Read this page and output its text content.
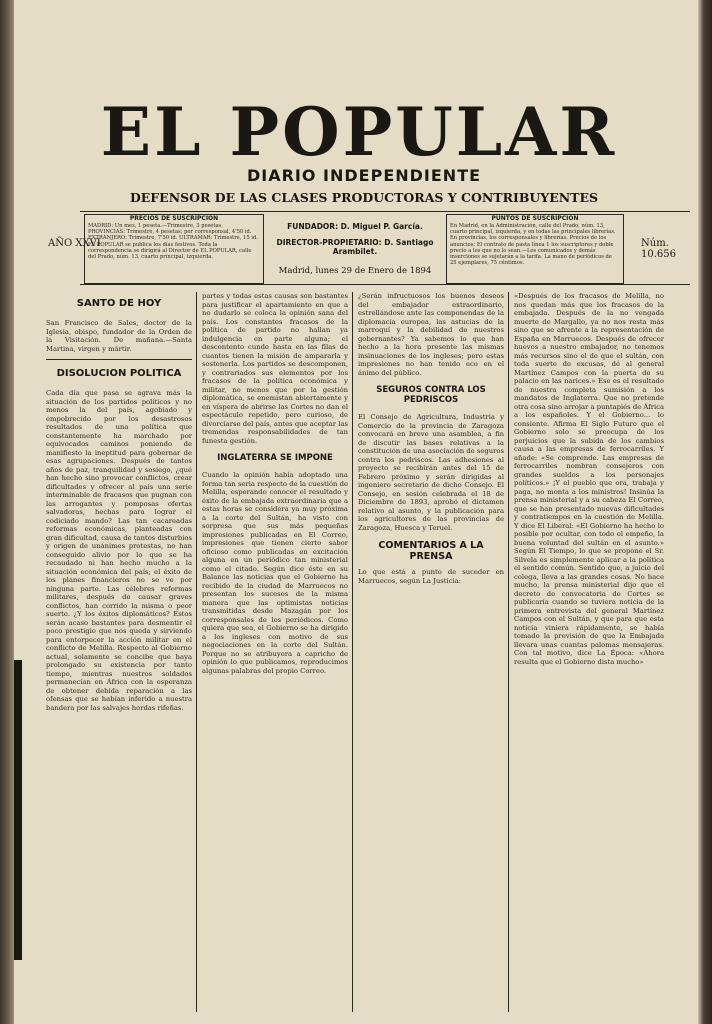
EL POPULAR
DIARIO INDEPENDIENTE
DEFENSOR DE LAS CLASES PRODUCTORAS Y CONTRIBUYENTES
AÑO XXVI	Núm. 10.656
PRECIOS DE SUSCRIPCIÓN
MADRID: Un mes, 1 peseta.—Trimestre, 3 pesetas. PROVINCIAS: Trimestre, 4 pesetas; por corresponsal, 4'50 id. EXTRANJERO: Trimestre, 7'50 id. ULTRAMAR: Trimestre, 15 id. EL POPULAR se publica los días festivos. Toda la correspondencia se dirigirá al Director de EL POPULAR, calle del Prado, núm. 13, cuarto principal, izquierda.
FUNDADOR: D. Miguel P. García.
DIRECTOR-PROPIETARIO: D. Santiago Arambilet.
Madrid, lunes 29 de Enero de 1894
PUNTOS DE SUSCRIPCIÓN
En Madrid, en la Administración, calle del Prado, núm. 13, cuarto principal, izquierda, y en todas las principales librerías. En provincias, los corresponsales y librerías. Precios de los anuncios: El contrato de pasta línea 1 los suscriptores y doble precio a los que no lo sean.—Los comunicados y demás inserciones se sujetarán a la tarifa. La mano de periódicos de 25 ejemplares, 75 céntimos.
SANTO DE HOY

San Francisco de Sales, doctor de la Iglesia, obispo, fundador de la Orden de la Visitación. De mañana.—Santa Martina, virgen y mártir.

DISOLUCION POLITICA

Cada día que pasa se agrava más la situación de los partidos políticos y no menos la del país, agobiado y empobrecido por los desastrosos resultados de una política que constantemente ha marchado por equivocados caminos poniendo de manifiesto la ineptitud para gobernar de esas agrupaciones. Después de tantos años de paz, tranquilidad y sosiego, ¿qué han hecho sino provocar conflictos, crear dificultades y ofrecer al país una serie interminable de fracasos que pugnan con las arrogantes y pomposas ofertas salvadoras, hechas para lograr el codiciado mando? Las tan cacareadas reformas económicas, planteadas con gran dificultad, causa de tantos disturbios y origen de unánimes protestas, no han conseguido alivio por lo que se ha recaudado ni han hecho mucho a la situación económica del país; el éxito de los planes financieros no se ve por ninguna parte. Las célebres reformas militares, después de causar graves conflictos, han corrido la misma o peor suerte. ¿Y los éxitos diplomáticos? Estos serán acaso bastantes para desmentir el poco prestigio que nos queda y sirviendo para entorpecer la acción militar en el conflicto de Melilla. Respecto al Gobierno actual, solamente se concibe que haya prolongado su existencia por tanto tiempo, mientras nuestros soldados permanecían en África con la esperanza de obtener debida reparación a las ofensas que se habían inferido a nuestra bandera por las salvajes hordas rifeñas.

partes y todas estas causas son bastantes para justificar el apartamiento en que a no dudarlo se coloca la opinión sana del país. Los constantes fracasos de la política de partido no hallan ya indulgencia en parte alguna; el descontento cunde hasta en las filas de cuantos tienen la misión de ampararla y sostenerla. Los partidos se descomponen, y contrariados sus elementos por los fracasos de la política económica y militar, no menos que por la gestión diplomática, se enemistan abiertamente y en víspera de abrirse las Cortes no dan el espectáculo repetido, pero curioso, de divorciarse del país, antes que aceptar las tremendas responsabilidades de tan funesta gestión.

INGLATERRA SE IMPONE

Cuando la opinión había adoptado una forma tan seria respecto de la cuestión de Melilla, esperando conocer el resultado y éxito de la embajada extraordinaria que a estas horas se considera ya muy próxima a la corte del Sultán, ha visto con sorpresa que sus más pequeñas impresiones publicadas en El Correo, impresiones que tienen cierto sabor oficioso como publicadas en excitación alguna en un periódico tan ministerial como el citado. Según dice éste en su Balance las noticias que el Gobierno ha recibido de la ciudad de Marruecos no presentan los sucesos de la misma manera que las optimistas noticias transmitidas desde Mazagán por los corresponsales de los periódicos. Como quiera que sea, el Gobierno se ha dirigido a los ingleses con motivo de sus negociaciones en la corte del Sultán. Porque no se atribuyera a capricho de opinión lo que publicamos, reproducimos algunas palabras del propio Correo.

¿Serán infructuosos los buenos deseos del embajador extraordinario, estrellándose ante las componendas de la diplomacia europea, las astucias de la marroquí y la debilidad de nuestros gobernantes? Ya sabemos lo que han hecho a la hora presente las mismas insinuaciones de los ingleses; pero estas impresiones no han tenido eco en el ánimo del público.

SEGUROS CONTRA LOS PEDRISCOS

El Consejo de Agricultura, Industria y Comercio de la provincia de Zaragoza convocará en breve una asamblea, a fin de discutir las bases relativas a la constitución de una asociación de seguros contra los pedriscos. Las adhesiones al proyecto se recibirán antes del 15 de Febrero próximo y serán dirigidas al ingeniero secretario de dicho Consejo. El Consejo, en sesión celebrada el 18 de Diciembre de 1893, aprobó el dictamen relativo al asunto, y la publicación para los agricultores de las provincias de Zaragoza, Huesca y Teruel.

COMENTARIOS A LA PRENSA

Lo que está a punto de suceder en Marruecos, según La Justicia:

«Después de los fracasos de Melilla, no nos quedan más que los fracasos de la embajada. Después de la no vengada muerte de Margallo, ya no nos resta más sino que se afrente a la representación de España en Marruecos. Después de ofrecer huevos a nuestro embajador, no tenemos más recursos sino el de que el sultán, con toda suerte de excusas, dé al general Martínez Campos con la puerta de su palacio en las narices.» Ese es el resultado de nuestra completa sumisión a los mandatos de Inglaterra. Que no pretende otra cosa sino arrojar a puntapiés de África a los españoles. Y el Gobierno... lo consiente. Afirma El Siglo Futuro que el Gobierno solo se preocupa de los perjuicios que la subida de los cambios causa a las empresas de ferrocarriles. Y añade: «Se comprende. Las empresas de ferrocarriles nombran consejeros con grandes sueldos a los personajes políticos.» ¡Y el pueblo que ora, trabaja y paga, no monta a los ministros! Insinúa la prensa ministerial y a su cabeza El Correo, que se han presentado nuevas dificultades y contratiempos en la cuestión de Melilla. Y dice El Liberal: «El Gobierno ha hecho lo posible por ocultar, con todo el empeño, la buena voluntad del sultán en el asunto.» Según El Tiempo, lo que se propone el Sr. Silvela es simplemente aplicar a la política el sentido común. Sentido que, a juicio del colega, lleva a las grandes cosas. No hace mucho, la prensa ministerial dijo que el decreto de convocatoria de Cortes se publicaría cuando se tuviera noticia de la primera entrevista del general Martínez Campos con el Sultán, y que para que esta noticia viniera rápidamente, se había tomado la previsión de que la Embajada llevara unas cuantas palomas mensajeras. Con tal motivo, dice La Época: «Ahora resulta que el Gobierno dista mucho»
